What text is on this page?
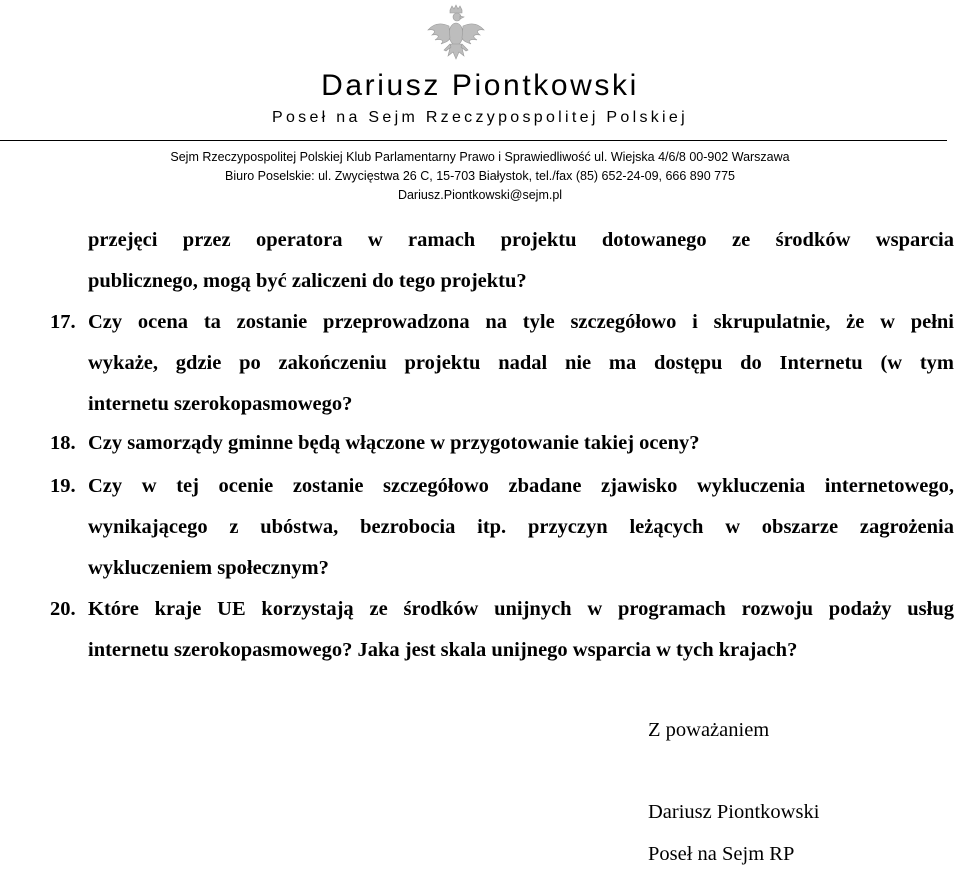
Dariusz Piontkowski
Poseł na Sejm Rzeczypospolitej Polskiej
Sejm Rzeczypospolitej Polskiej Klub Parlamentarny Prawo i Sprawiedliwość ul. Wiejska 4/6/8 00-902 Warszawa
Biuro Poselskie: ul. Zwycięstwa 26 C, 15-703 Białystok, tel./fax (85) 652-24-09, 666 890 775
Dariusz.Piontkowski@sejm.pl
przejęci przez operatora w ramach projektu dotowanego ze środków wsparcia
publicznego, mogą być zaliczeni do tego projektu?
17. Czy ocena ta zostanie przeprowadzona na tyle szczegółowo i skrupulatnie, że w pełni
wykaże, gdzie po zakończeniu projektu nadal nie ma dostępu do Internetu (w tym
internetu szerokopasmowego?
18. Czy samorządy gminne będą włączone w przygotowanie takiej oceny?
19. Czy w tej ocenie zostanie szczegółowo zbadane zjawisko wykluczenia internetowego,
wynikającego z ubóstwa, bezrobocia itp. przyczyn leżących w obszarze zagrożenia
wykluczeniem społecznym?
20. Które kraje UE korzystają ze środków unijnych w programach rozwoju podaży usług
internetu szerokopasmowego? Jaka jest skala unijnego wsparcia w tych krajach?
Z poważaniem
Dariusz Piontkowski
Poseł na Sejm RP
